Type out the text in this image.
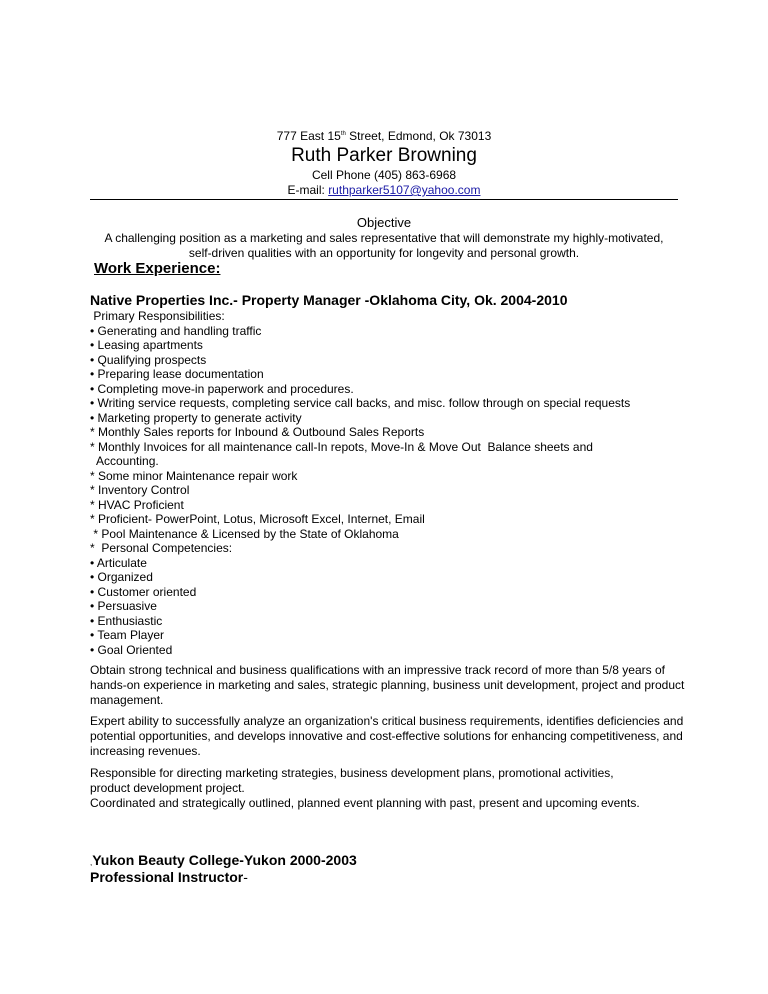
777 East 15th Street, Edmond, Ok 73013
Ruth Parker Browning
Cell Phone (405) 863-6968
E-mail: ruthparker5107@yahoo.com
Objective
A challenging position as a marketing and sales representative that will demonstrate my highly-motivated,
self-driven qualities with an opportunity for longevity and personal growth.
Work Experience:
Native Properties Inc.- Property Manager -Oklahoma City, Ok. 2004-2010
Primary Responsibilities:
• Generating and handling traffic
• Leasing apartments
• Qualifying prospects
• Preparing lease documentation
• Completing move-in paperwork and procedures.
• Writing service requests, completing service call backs, and misc. follow through on special requests
• Marketing property to generate activity
* Monthly Sales reports for Inbound & Outbound Sales Reports
* Monthly Invoices for all maintenance call-In repots, Move-In & Move Out  Balance sheets and
Accounting.
* Some minor Maintenance repair work
* Inventory Control
* HVAC Proficient
* Proficient- PowerPoint, Lotus, Microsoft Excel, Internet, Email
* Pool Maintenance & Licensed by the State of Oklahoma
*  Personal Competencies:
• Articulate
• Organized
• Customer oriented
• Persuasive
• Enthusiastic
• Team Player
• Goal Oriented
Obtain strong technical and business qualifications with an impressive track record of more than 5/8 years of hands-on experience in marketing and sales, strategic planning, business unit development, project and product management.
Expert ability to successfully analyze an organization's critical business requirements, identifies deficiencies and potential opportunities, and develops innovative and cost-effective solutions for enhancing competitiveness, and increasing revenues.
Responsible for directing marketing strategies, business development plans, promotional activities,
product development project.
Coordinated and strategically outlined, planned event planning with past, present and upcoming events.
,Yukon Beauty College-Yukon 2000-2003
Professional Instructor-
